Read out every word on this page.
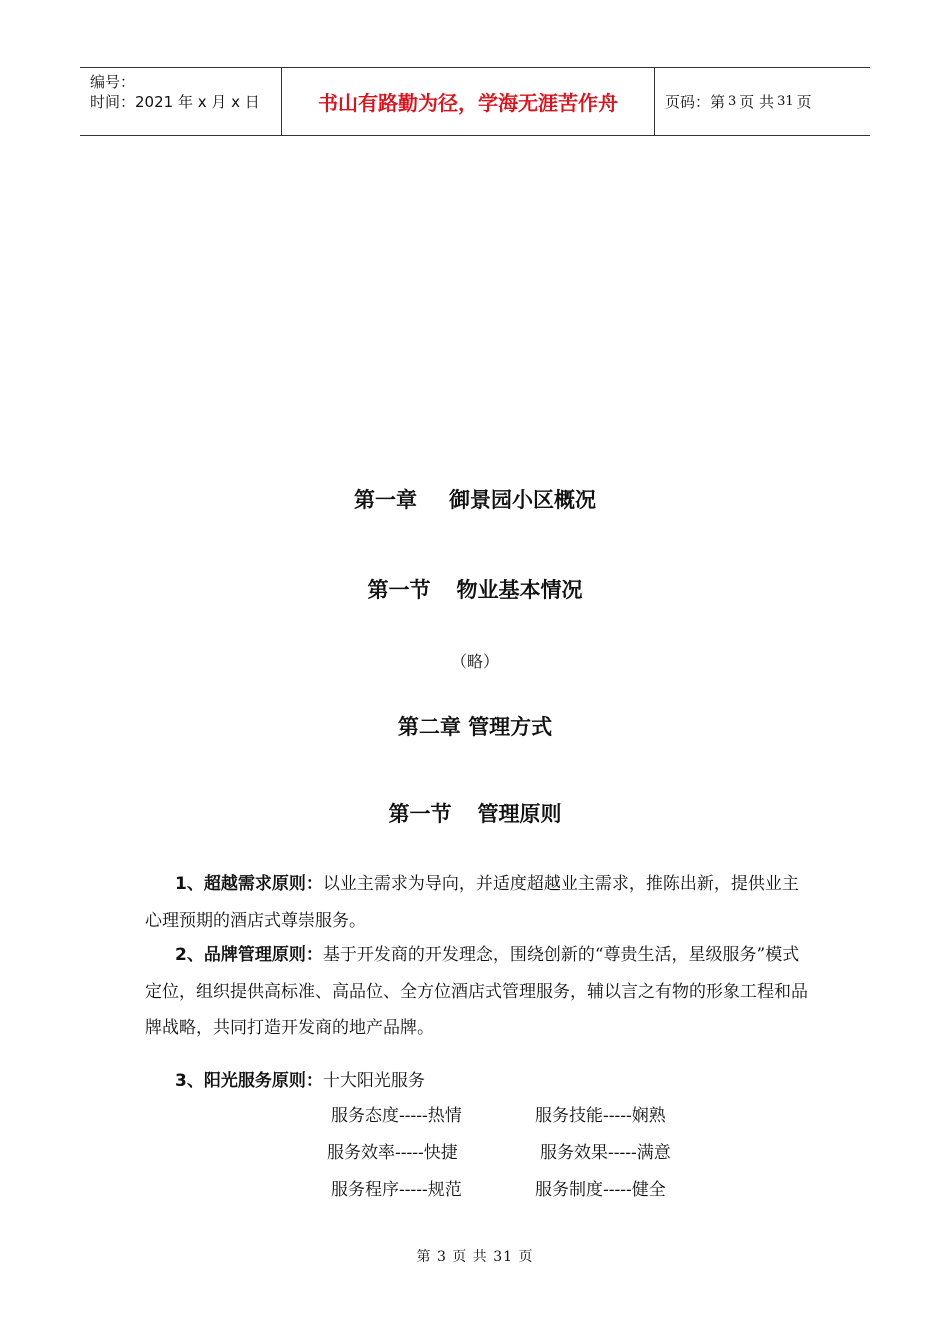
编号：
时间：2021 年 x 月 x 日	书山有路勤为径，学海无涯苦作舟	页码：第 3 页 共 31 页
第一章 御景园小区概况
第一节 物业基本情况
（略）
第二章 管理方式
第一节 管理原则
1、超越需求原则：以业主需求为导向，并适度超越业主需求，推陈出新，提供业主心理预期的酒店式尊崇服务。
2、品牌管理原则：基于开发商的开发理念，围绕创新的“尊贵生活，星级服务”模式定位，组织提供高标准、高品位、全方位酒店式管理服务，辅以言之有物的形象工程和品牌战略，共同打造开发商的地产品牌。
3、阳光服务原则：十大阳光服务
服务态度-----热情	服务技能-----娴熟
服务效率-----快捷	服务效果-----满意
服务程序-----规范	服务制度-----健全
第 3 页 共 31 页
